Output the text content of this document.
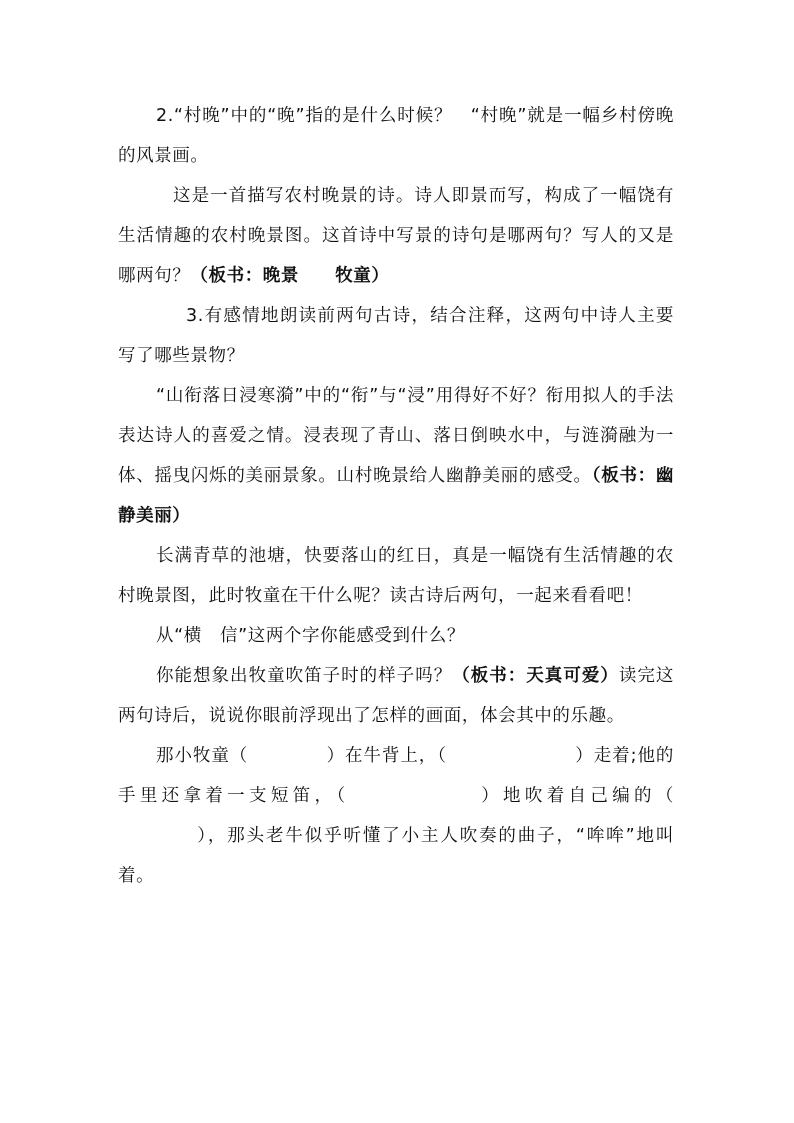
2.“村晚”中的“晚”指的是什么时候？　“村晚”就是一幅乡村傍晚的风景画。

这是一首描写农村晚景的诗。诗人即景而写，构成了一幅饶有生活情趣的农村晚景图。这首诗中写景的诗句是哪两句？写人的又是哪两句？（板书：晚景　　牧童）

3.有感情地朗读前两句古诗，结合注释，这两句中诗人主要写了哪些景物？

“山衔落日浸寒漪”中的“衔”与“浸”用得好不好？衔用拟人的手法表达诗人的喜爱之情。浸表现了青山、落日倒映水中，与涟漪融为一体、摇曳闪烁的美丽景象。山村晚景给人幽静美丽的感受。（板书：幽静美丽）

长满青草的池塘，快要落山的红日，真是一幅饶有生活情趣的农村晚景图，此时牧童在干什么呢？读古诗后两句，一起来看看吧！

从“横　信”这两个字你能感受到什么？

你能想象出牧童吹笛子时的样子吗？（板书：天真可爱）读完这两句诗后，说说你眼前浮现出了怎样的画面，体会其中的乐趣。

那小牧童（	）在牛背上，（	）走着;他的手里还拿着一支短笛，（	）地吹着自己编的（），那头老牛似乎听懂了小主人吹奏的曲子，“哞哞”地叫着。
